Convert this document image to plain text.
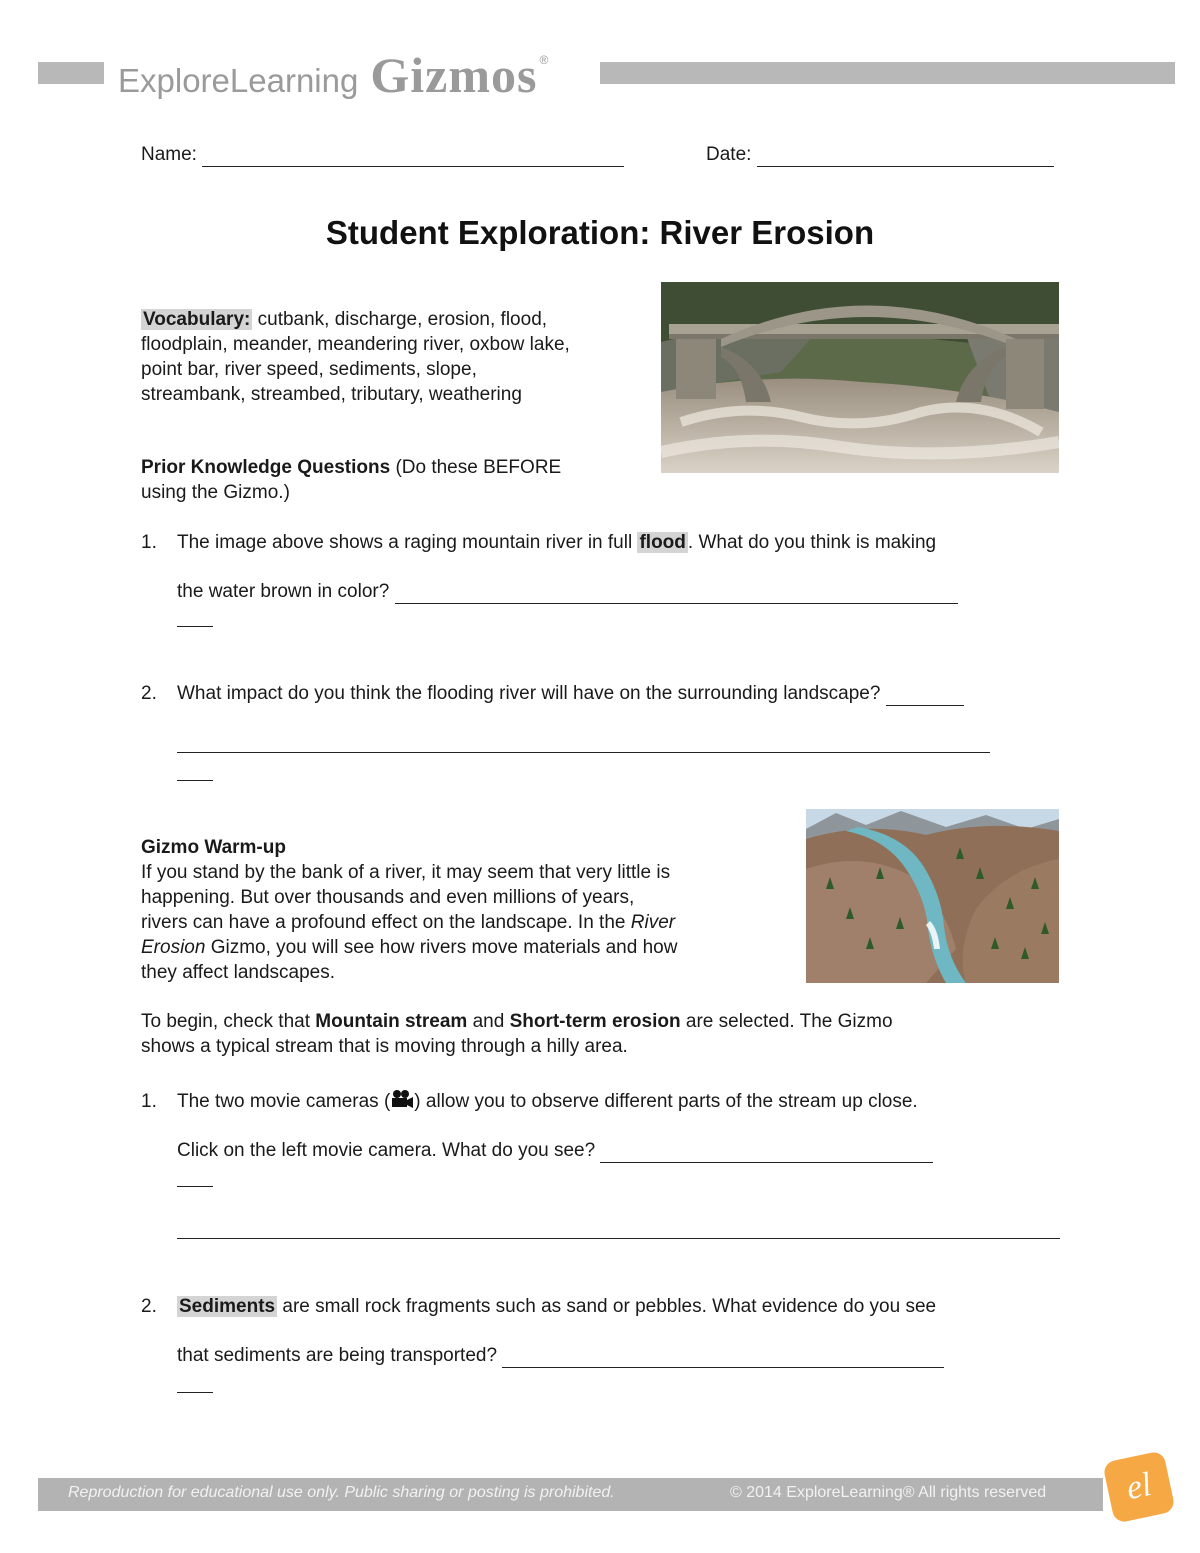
ExploreLearning Gizmos ®
Name:	Date:
Student Exploration: River Erosion
Vocabulary: cutbank, discharge, erosion, flood,
floodplain, meander, meandering river, oxbow lake,
point bar, river speed, sediments, slope,
streambank, streambed, tributary, weathering
Prior Knowledge Questions (Do these BEFORE
using the Gizmo.)
1. The image above shows a raging mountain river in full flood . What do you think is making
the water brown in color?
2. What impact do you think the flooding river will have on the surrounding landscape?
Gizmo Warm-up
If you stand by the bank of a river, it may seem that very little is
happening. But over thousands and even millions of years,
rivers can have a profound effect on the landscape. In the River
Erosion Gizmo, you will see how rivers move materials and how
they affect landscapes.
To begin, check that Mountain stream and Short-term erosion are selected. The Gizmo
shows a typical stream that is moving through a hilly area.
1. The two movie cameras ( ) allow you to observe different parts of the stream up close.
Click on the left movie camera. What do you see?
2. Sediments are small rock fragments such as sand or pebbles. What evidence do you see
that sediments are being transported?
Reproduction for educational use only. Public sharing or posting is prohibited.	© 2014 ExploreLearning® All rights reserved el
